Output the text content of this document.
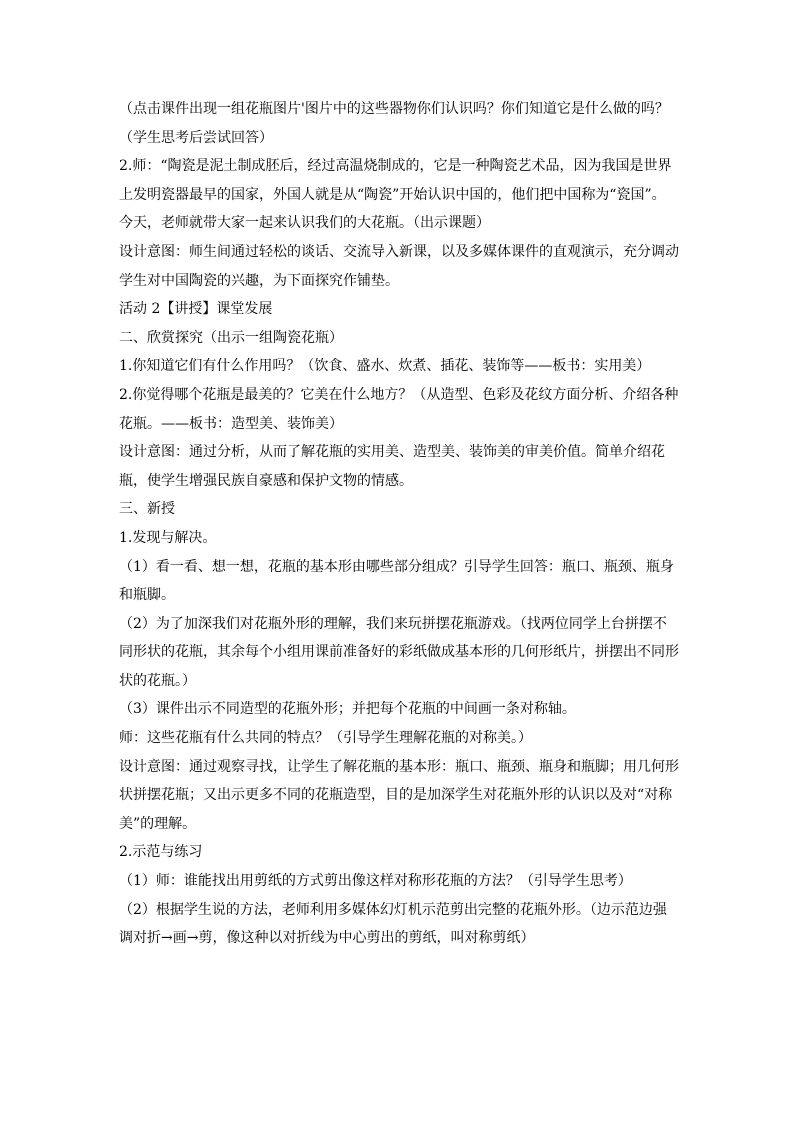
（点击课件出现一组花瓶图片'图片中的这些器物你们认识吗？你们知道它是什么做的吗？（学生思考后尝试回答）

2.师：“陶瓷是泥土制成胚后，经过高温烧制成的，它是一种陶瓷艺术品，因为我国是世界上发明瓷器最早的国家，外国人就是从“陶瓷”开始认识中国的，他们把中国称为“瓷国”。今天，老师就带大家一起来认识我们的大花瓶。（出示课题）

设计意图：师生间通过轻松的谈话、交流导入新课，以及多媒体课件的直观演示，充分调动学生对中国陶瓷的兴趣，为下面探究作铺垫。

活动 2【讲授】课堂发展

二、欣赏探究（出示一组陶瓷花瓶）

1.你知道它们有什么作用吗？（饮食、盛水、炊煮、插花、装饰等——板书：实用美）

2.你觉得哪个花瓶是最美的？它美在什么地方？（从造型、色彩及花纹方面分析、介绍各种花瓶。——板书：造型美、装饰美）

设计意图：通过分析，从而了解花瓶的实用美、造型美、装饰美的审美价值。简单介绍花瓶，使学生增强民族自豪感和保护文物的情感。

三、新授

1.发现与解决。

（1）看一看、想一想，花瓶的基本形由哪些部分组成？引导学生回答：瓶口、瓶颈、瓶身和瓶脚。

（2）为了加深我们对花瓶外形的理解，我们来玩拼摆花瓶游戏。（找两位同学上台拼摆不同形状的花瓶，其余每个小组用课前准备好的彩纸做成基本形的几何形纸片，拼摆出不同形状的花瓶。）

（3）课件出示不同造型的花瓶外形；并把每个花瓶的中间画一条对称轴。

师：这些花瓶有什么共同的特点？（引导学生理解花瓶的对称美。）

设计意图：通过观察寻找，让学生了解花瓶的基本形：瓶口、瓶颈、瓶身和瓶脚；用几何形状拼摆花瓶；又出示更多不同的花瓶造型，目的是加深学生对花瓶外形的认识以及对“对称美”的理解。

2.示范与练习

（1）师：谁能找出用剪纸的方式剪出像这样对称形花瓶的方法？（引导学生思考）

（2）根据学生说的方法，老师利用多媒体幻灯机示范剪出完整的花瓶外形。（边示范边强调对折→画→剪，像这种以对折线为中心剪出的剪纸，叫对称剪纸）
